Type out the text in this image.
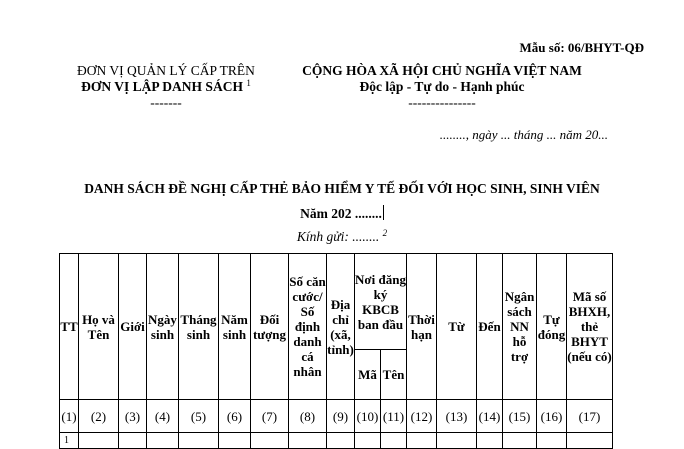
Mẫu số: 06/BHYT-QĐ
ĐƠN VỊ QUẢN LÝ CẤP TRÊN
ĐƠN VỊ LẬP DANH SÁCH $^1$
-------
CỘNG HÒA XÃ HỘI CHỦ NGHĨA VIỆT NAM
Độc lập - Tự do - Hạnh phúc
---------------
........, ngày ... tháng ... năm 20...
DANH SÁCH ĐỀ NGHỊ CẤP THẺ BẢO HIỂM Y TẾ ĐỐI VỚI HỌC SINH, SINH VIÊN
Năm 202 ........
Kính gửi: ........ $^2$
TT	Họ và Tên	Giới	Ngày sinh	Tháng sinh	Năm sinh	Đối tượng	Số căn cước/ Số định danh cá nhân	Địa chỉ (xã, tỉnh)	Nơi đăng ký KBCB ban đầu		Thời hạn	Từ	Đến	Ngân sách NN hỗ trợ	Tự đóng	Mã số BHXH, thẻ BHYT (nếu có)
									Mã	Tên						
(1)	(2)	(3)	(4)	(5)	(6)	(7)	(8)	(9)	(10)	(11)	(12)	(13)	(14)	(15)	(16)	(17)
1																
